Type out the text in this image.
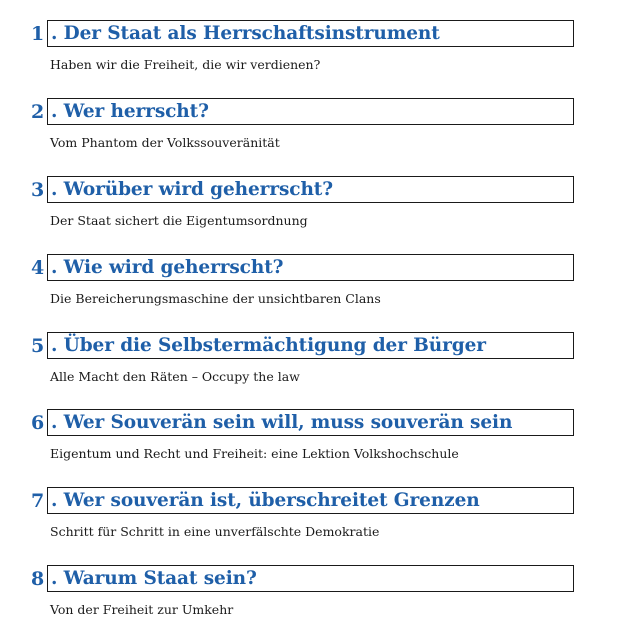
1 . Der Staat als Herrschaftsinstrument
Haben wir die Freiheit, die wir verdienen?
2 . Wer herrscht?
Vom Phantom der Volkssouveränität
3 . Worüber wird geherrscht?
Der Staat sichert die Eigentumsordnung
4 . Wie wird geherrscht?
Die Bereicherungsmaschine der unsichtbaren Clans
5 . Über die Selbstermächtigung der Bürger
Alle Macht den Räten – Occupy the law
6 . Wer Souverän sein will, muss souverän sein
Eigentum und Recht und Freiheit: eine Lektion Volkshochschule
7 . Wer souverän ist, überschreitet Grenzen
Schritt für Schritt in eine unverfälschte Demokratie
8 . Warum Staat sein?
Von der Freiheit zur Umkehr
